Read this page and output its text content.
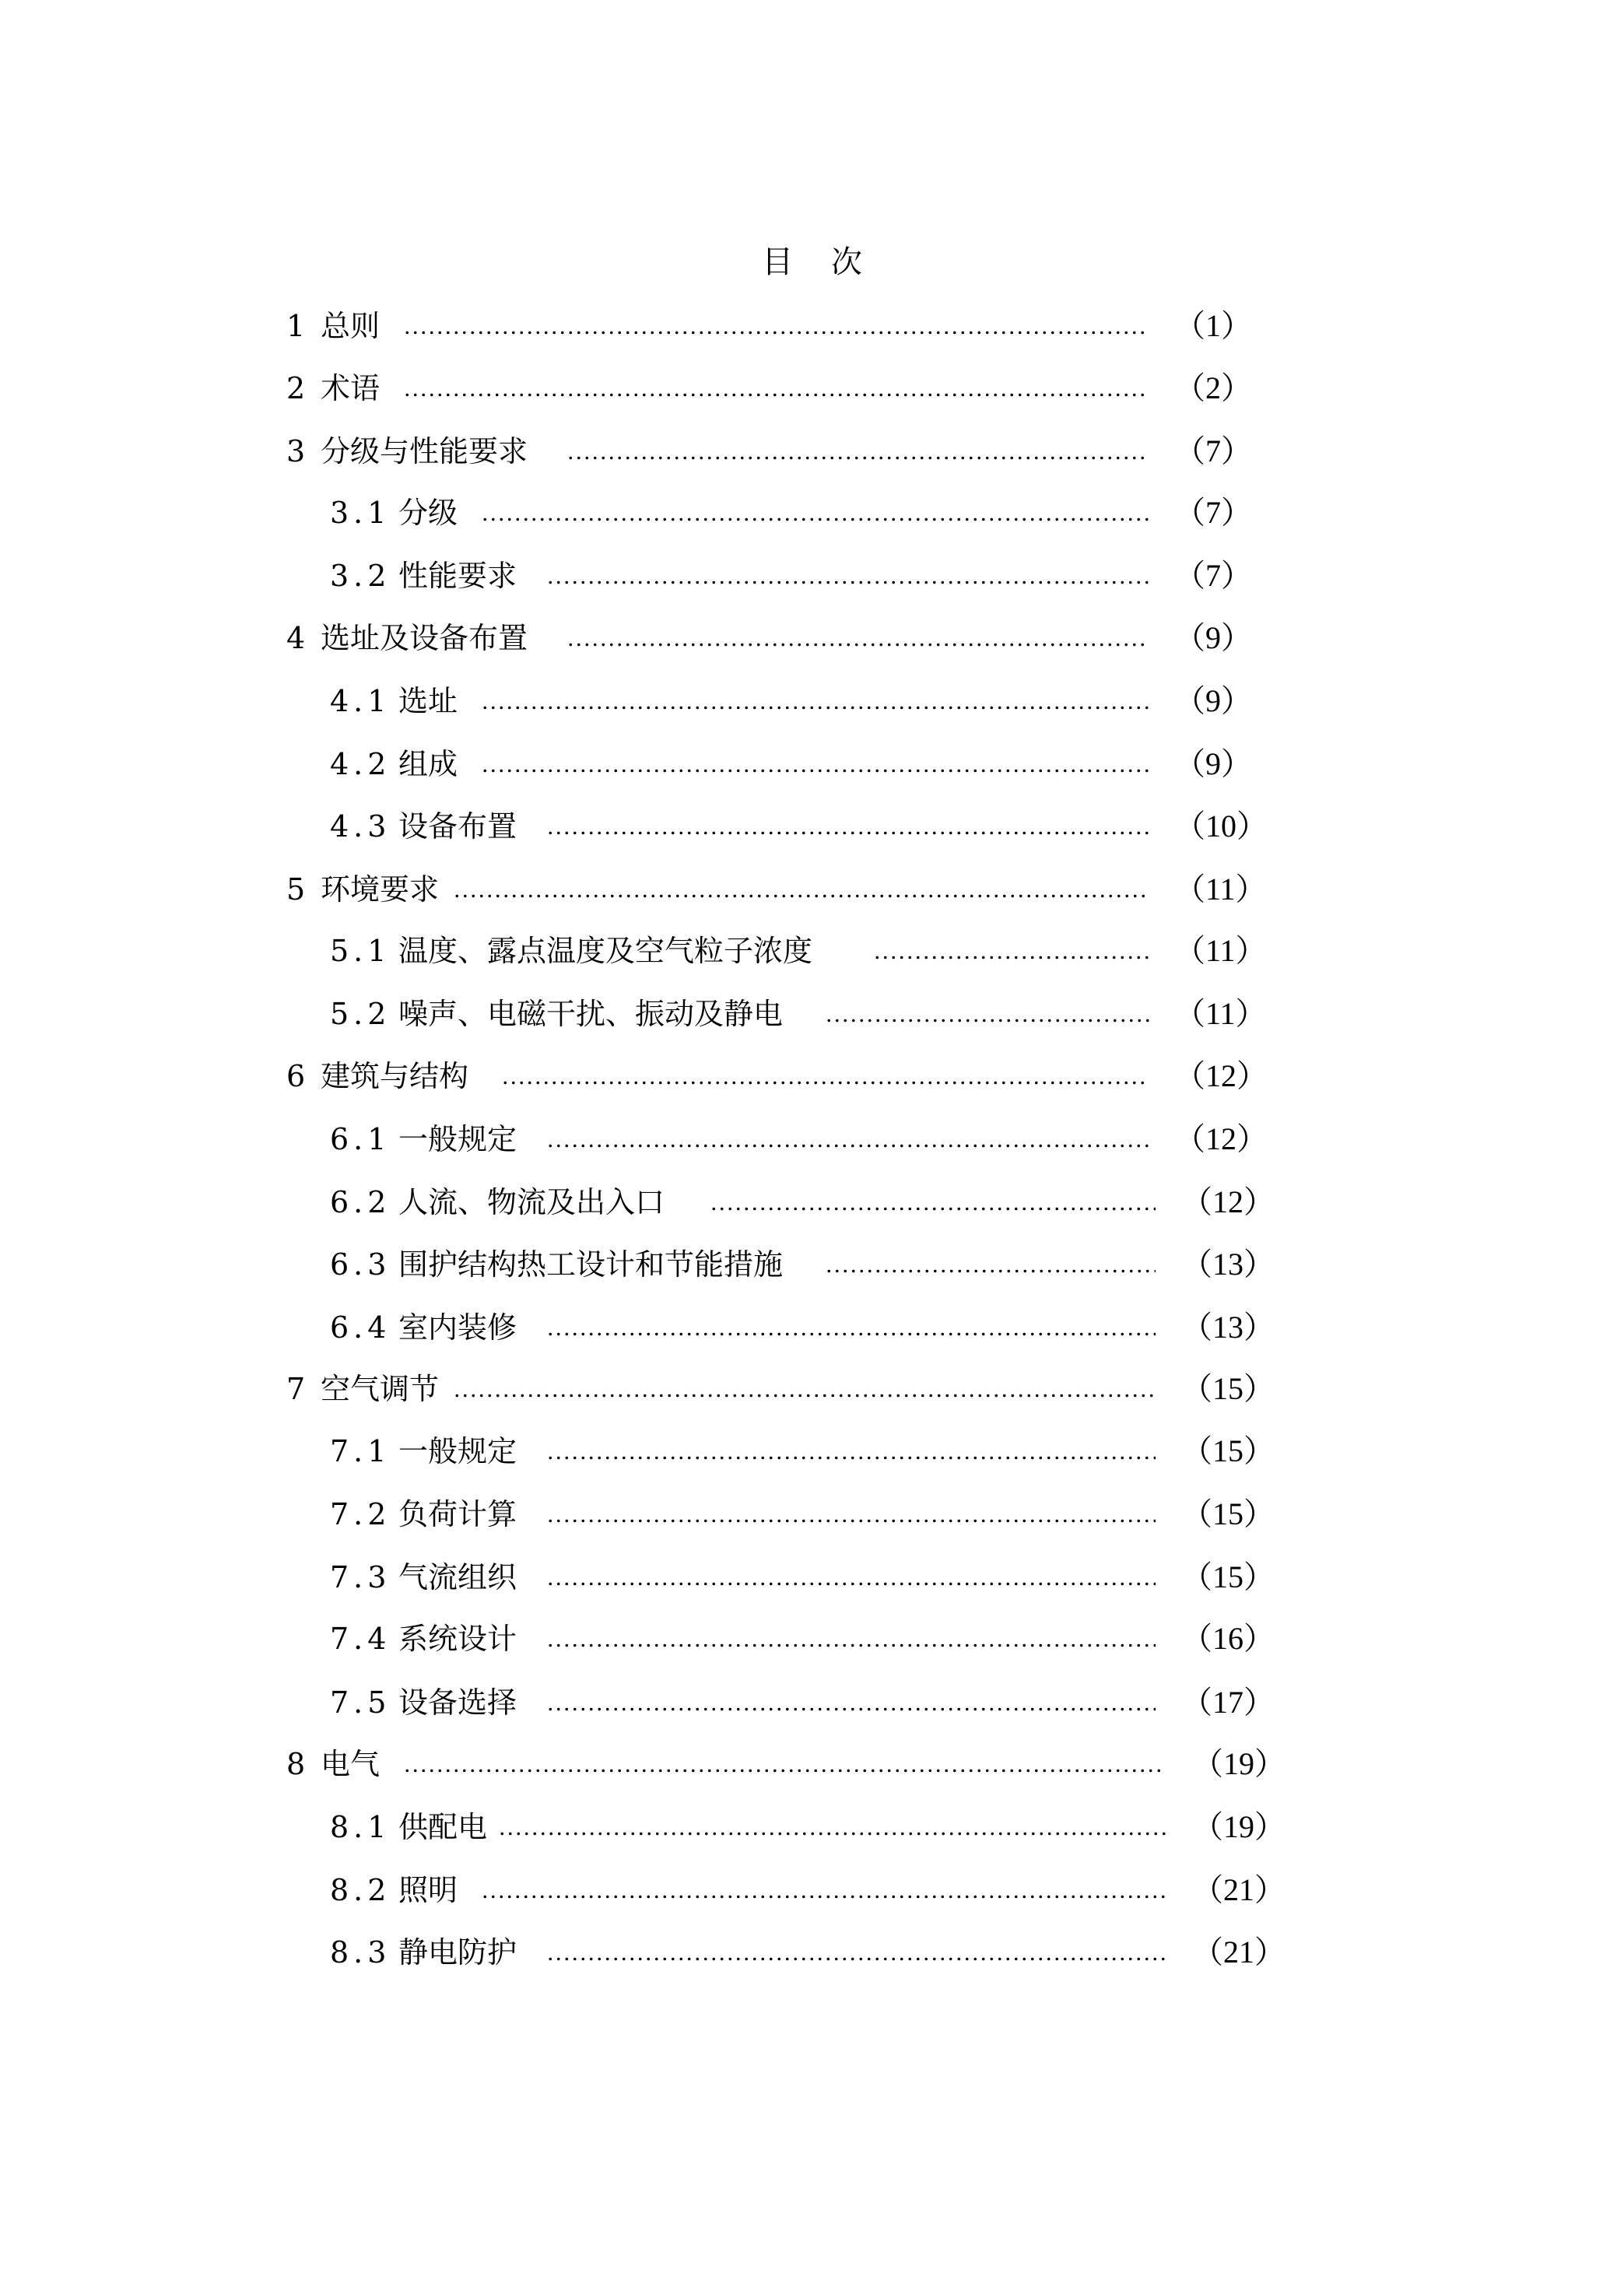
目 次
1 总则	（1）
2 术语	（2）
3 分级与性能要求	（7）
3.1 分级	（7）
3.2 性能要求	（7）
4 选址及设备布置	（9）
4.1 选址	（9）
4.2 组成	（9）
4.3 设备布置	（10）
5 环境要求	（11）
5.1 温度、露点温度及空气粒子浓度	（11）
5.2 噪声、电磁干扰、振动及静电	（11）
6 建筑与结构	（12）
6.1 一般规定	（12）
6.2 人流、物流及出入口	（12）
6.3 围护结构热工设计和节能措施	（13）
6.4 室内装修	（13）
7 空气调节	（15）
7.1 一般规定	（15）
7.2 负荷计算	（15）
7.3 气流组织	（15）
7.4 系统设计	（16）
7.5 设备选择	（17）
8 电气	（19）
8.1 供配电	（19）
8.2 照明	（21）
8.3 静电防护	（21）
